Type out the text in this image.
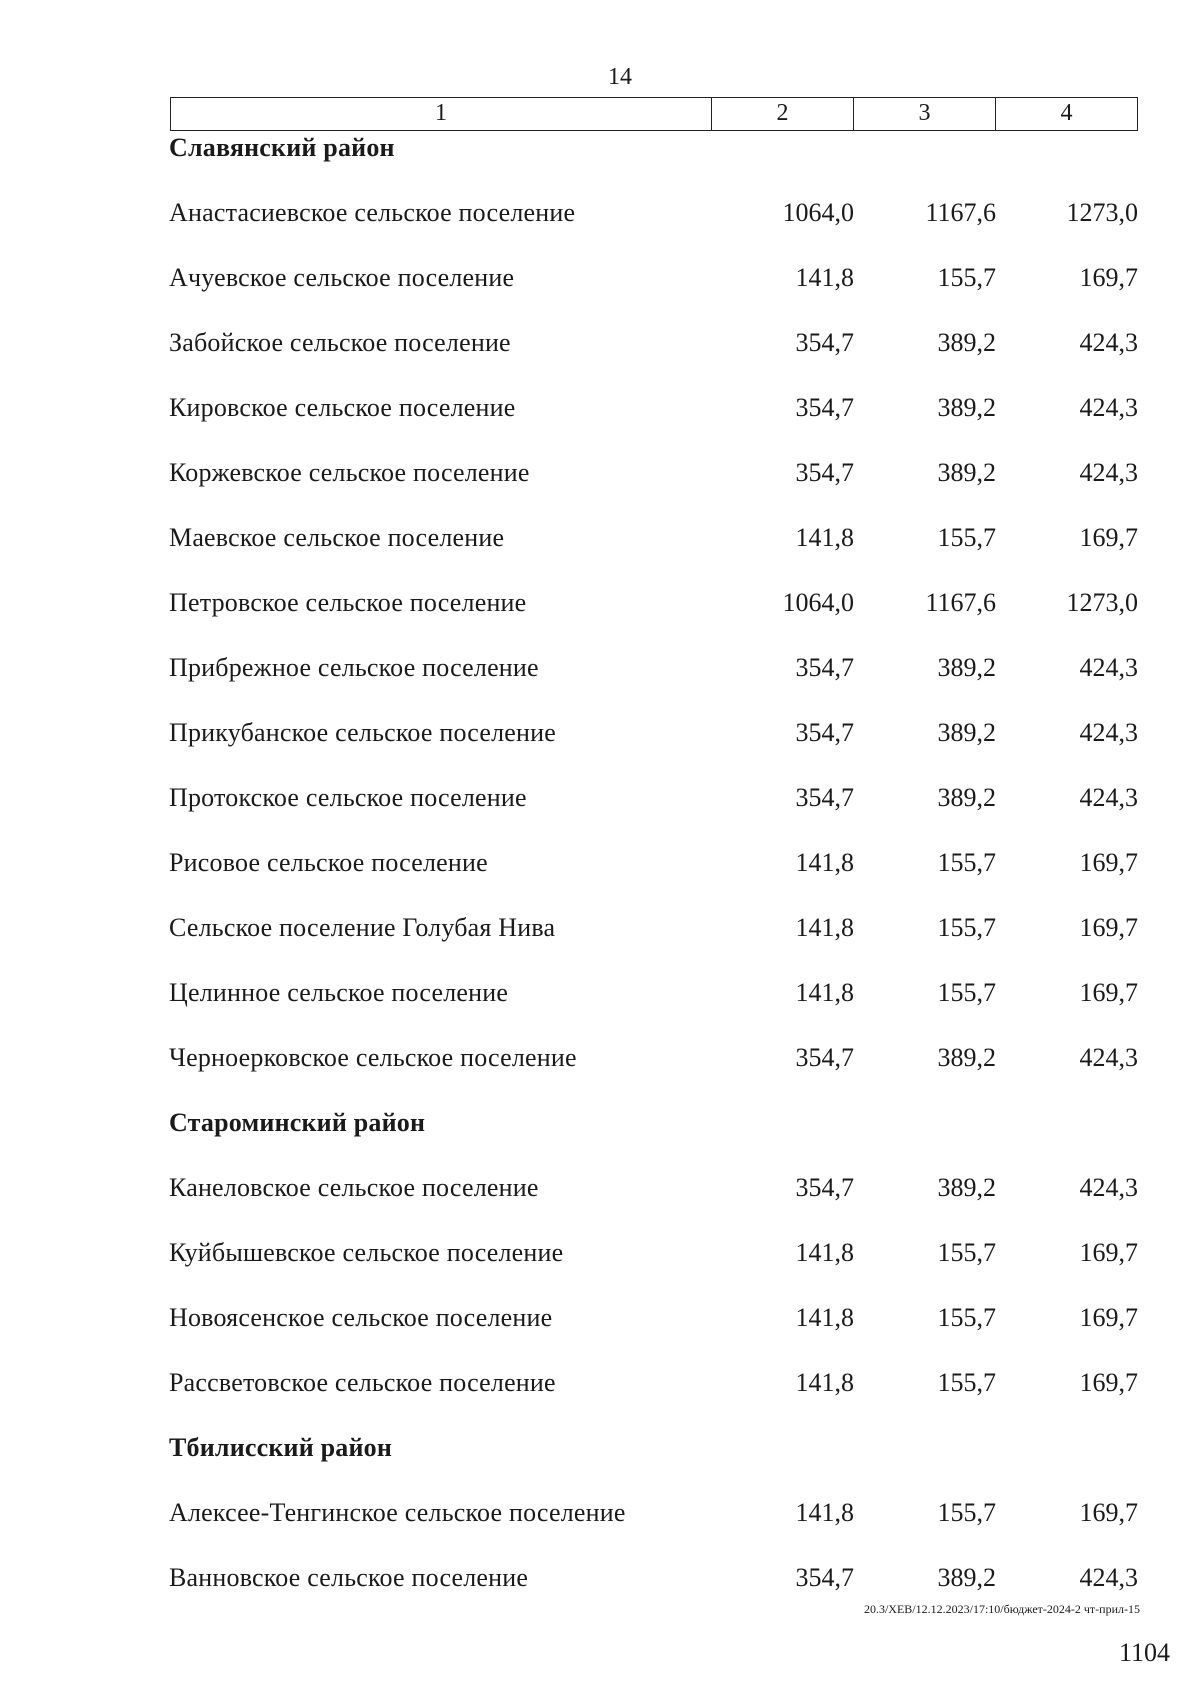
14
1	2	3	4
Славянский район
Анастасиевское сельское поселение	1064,0	1167,6	1273,0
Ачуевское сельское поселение	141,8	155,7	169,7
Забойское сельское поселение	354,7	389,2	424,3
Кировское сельское поселение	354,7	389,2	424,3
Коржевское сельское поселение	354,7	389,2	424,3
Маевское сельское поселение	141,8	155,7	169,7
Петровское сельское поселение	1064,0	1167,6	1273,0
Прибрежное сельское поселение	354,7	389,2	424,3
Прикубанское сельское поселение	354,7	389,2	424,3
Протокское сельское поселение	354,7	389,2	424,3
Рисовое сельское поселение	141,8	155,7	169,7
Сельское поселение Голубая Нива	141,8	155,7	169,7
Целинное сельское поселение	141,8	155,7	169,7
Черноерковское сельское поселение	354,7	389,2	424,3
Староминский район
Канеловское сельское поселение	354,7	389,2	424,3
Куйбышевское сельское поселение	141,8	155,7	169,7
Новоясенское сельское поселение	141,8	155,7	169,7
Рассветовское сельское поселение	141,8	155,7	169,7
Тбилисский район
Алексее-Тенгинское сельское поселение	141,8	155,7	169,7
Ванновское сельское поселение	354,7	389,2	424,3
20.3/ХЕВ/12.12.2023/17:10/бюджет-2024-2 чт-прил-15
1104
